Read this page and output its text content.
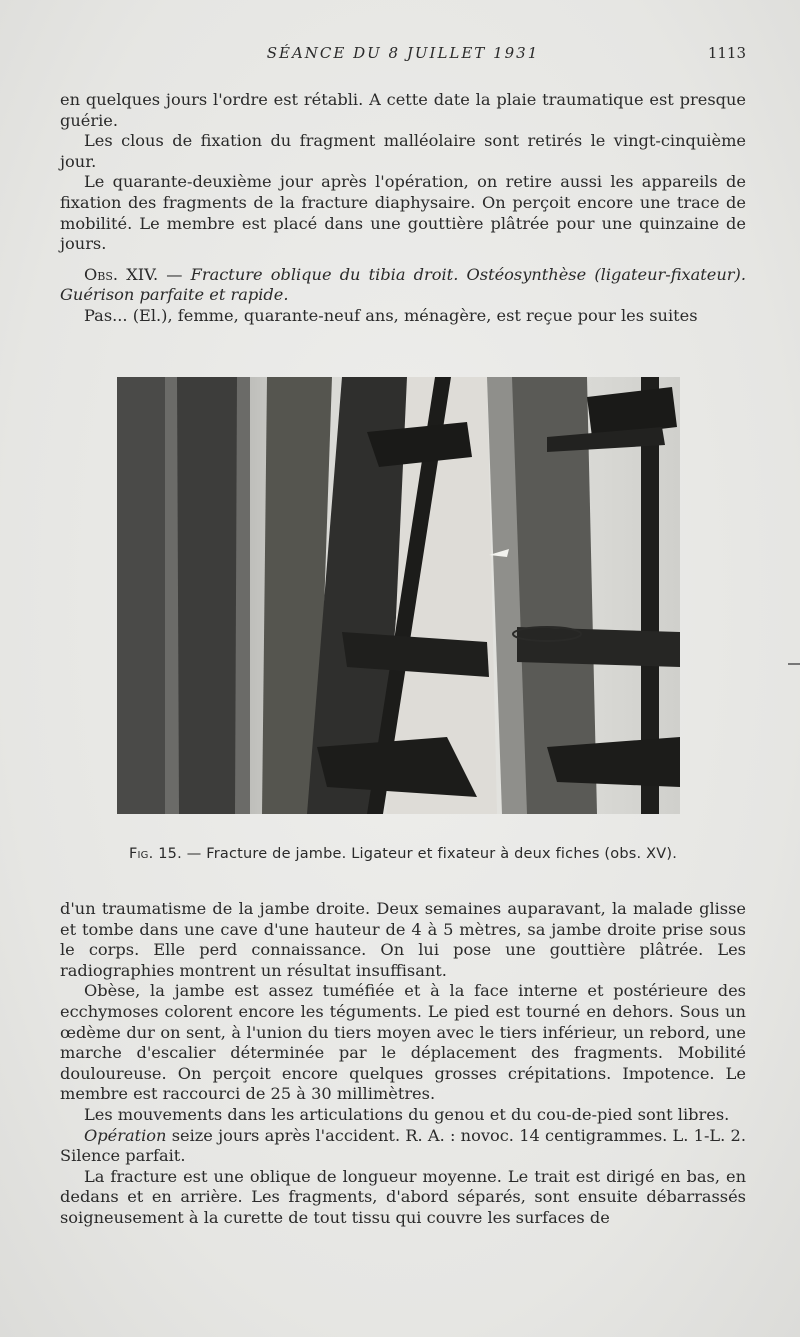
SÉANCE DU 8 JUILLET 1931	1113

en quelques jours l'ordre est rétabli. A cette date la plaie traumatique est presque guérie.

Les clous de fixation du fragment malléolaire sont retirés le vingt-cinquième jour.

Le quarante-deuxième jour après l'opération, on retire aussi les appareils de fixation des fragments de la fracture diaphysaire. On perçoit encore une trace de mobilité. Le membre est placé dans une gouttière plâtrée pour une quinzaine de jours.

Obs. XIV. — Fracture oblique du tibia droit. Ostéosynthèse (ligateur-fixateur). Guérison parfaite et rapide.

Pas... (El.), femme, quarante-neuf ans, ménagère, est reçue pour les suites

Fig. 15. — Fracture de jambe. Ligateur et fixateur à deux fiches (obs. XV).

d'un traumatisme de la jambe droite. Deux semaines auparavant, la malade glisse et tombe dans une cave d'une hauteur de 4 à 5 mètres, sa jambe droite prise sous le corps. Elle perd connaissance. On lui pose une gouttière plâtrée. Les radiographies montrent un résultat insuffisant.

Obèse, la jambe est assez tuméfiée et à la face interne et postérieure des ecchymoses colorent encore les téguments. Le pied est tourné en dehors. Sous un œdème dur on sent, à l'union du tiers moyen avec le tiers inférieur, un rebord, une marche d'escalier déterminée par le déplacement des fragments. Mobilité douloureuse. On perçoit encore quelques grosses crépitations. Impotence. Le membre est raccourci de 25 à 30 millimètres.

Les mouvements dans les articulations du genou et du cou-de-pied sont libres.

Opération seize jours après l'accident. R. A. : novoc. 14 centigrammes. L. 1-L. 2. Silence parfait.

La fracture est une oblique de longueur moyenne. Le trait est dirigé en bas, en dedans et en arrière. Les fragments, d'abord séparés, sont ensuite débarrassés soigneusement à la curette de tout tissu qui couvre les surfaces de
